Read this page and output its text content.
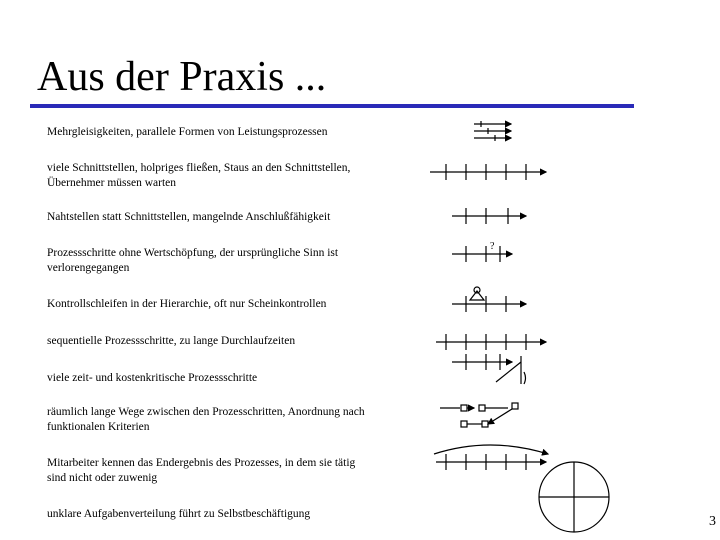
Aus der Praxis ...
Mehrgleisigkeiten, parallele Formen von Leistungsprozessen
viele Schnittstellen, holpriges fließen, Staus an den Schnittstellen, Übernehmer müssen warten
Nahtstellen statt Schnittstellen, mangelnde Anschlußfähigkeit
Prozessschritte ohne Wertschöpfung, der ursprüngliche Sinn ist verlorengegangen
Kontrollschleifen in der Hierarchie, oft nur Scheinkontrollen
sequentielle Prozessschritte, zu lange Durchlaufzeiten
viele zeit- und kostenkritische Prozessschritte
räumlich lange Wege zwischen den Prozesschritten, Anordnung nach funktionalen Kriterien
Mitarbeiter kennen das Endergebnis des Prozesses, in dem sie tätig sind nicht oder zuwenig
unklare Aufgabenverteilung führt zu Selbstbeschäftigung
?
3
